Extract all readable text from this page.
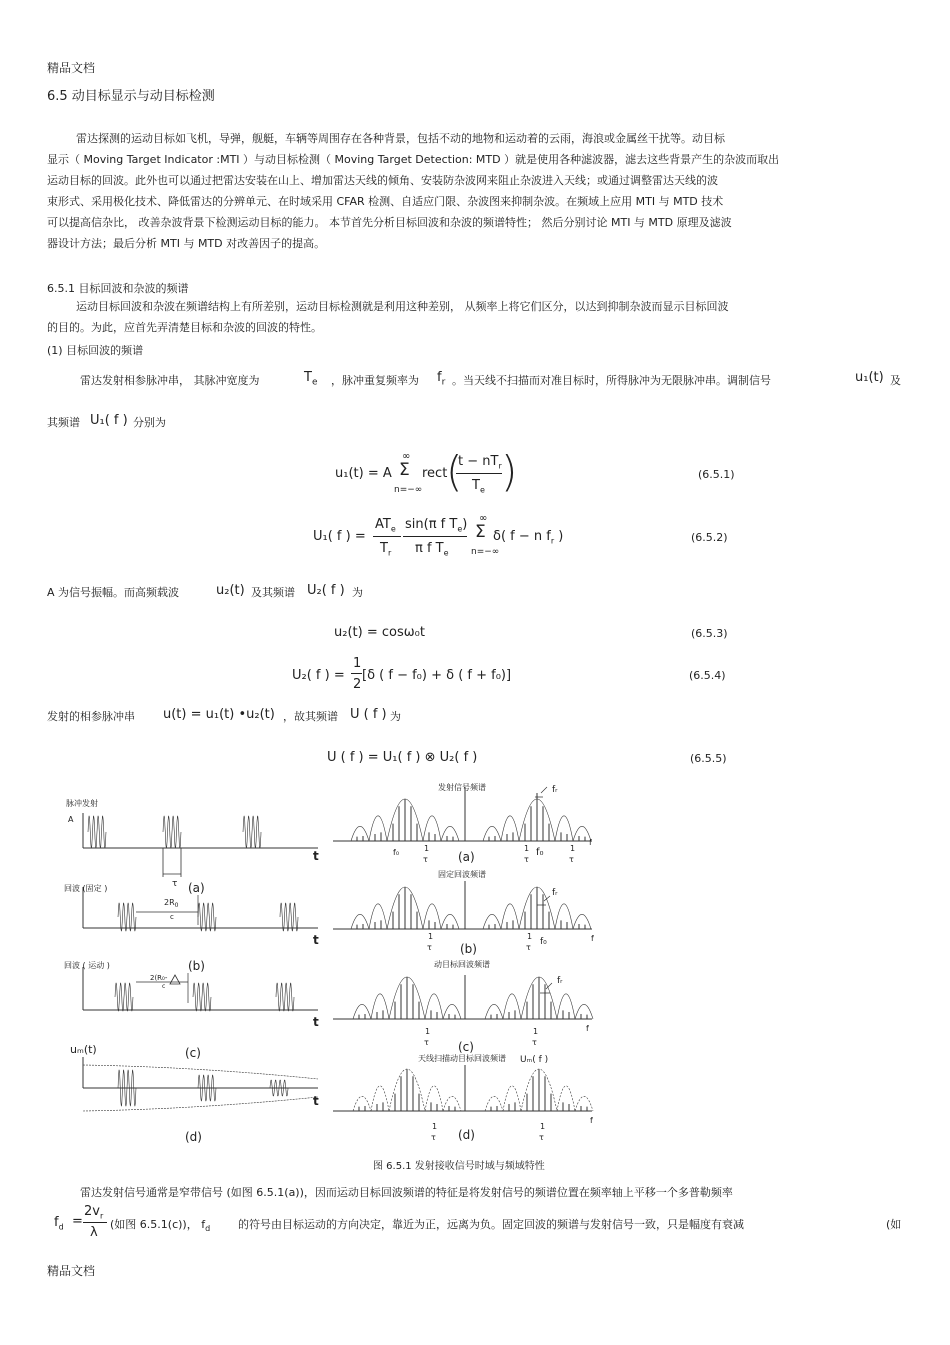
精品文档
6.5 动目标显示与动目标检测
雷达探测的运动目标如飞机，导弹，舰艇，车辆等周围存在各种背景，包括不动的地物和运动着的云雨，海浪或金属丝干扰等。动目标
显示（ Moving Target Indicator :MTI ）与动目标检测（ Moving Target Detection: MTD ）就是使用各种滤波器，滤去这些背景产生的杂波而取出
运动目标的回波。此外也可以通过把雷达安装在山上、增加雷达天线的倾角、安装防杂波网来阻止杂波进入天线；或通过调整雷达天线的波
束形式、采用极化技术、降低雷达的分辨单元、在时域采用 CFAR 检测、自适应门限、杂波图来抑制杂波。在频域上应用 MTI 与 MTD 技术
可以提高信杂比， 改善杂波背景下检测运动目标的能力。 本节首先分析目标回波和杂波的频谱特性； 然后分别讨论 MTI 与 MTD 原理及滤波
器设计方法；最后分析 MTI 与 MTD 对改善因子的提高。
6.5.1 目标回波和杂波的频谱
运动目标回波和杂波在频谱结构上有所差别，运动目标检测就是利用这种差别， 从频率上将它们区分，以达到抑制杂波而显示目标回波
的目的。为此，应首先弄清楚目标和杂波的回波的特性。
(1) 目标回波的频谱
雷达发射相参脉冲串， 其脉冲宽度为	$T_e$ ，脉冲重复频率为 $f_r$ 。当天线不扫描而对准目标时，所得脉冲为无限脉冲串。调制信号	u₁(t) 及
其频谱 U₁( f ) 分别为
u₁(t) = A
∞
Σ
n=−∞
rect
(
$t - nT_r$
$T_e$ )	(6.5.1)
U₁( f ) =
$AT_e$
$T_r$
sin(π f $T_e$)
π f $T_e$
∞
Σ
n=−∞
δ( f − n $f_r$ )	(6.5.2)
A 为信号振幅。而高频载波	u₂(t) 及其频谱 U₂( f ) 为
u₂(t) = cosω₀t	(6.5.3)
U₂( f ) =
1
2
[δ ( f − f₀) + δ ( f + f₀)]	(6.5.4)
发射的相参脉冲串 u(t) = u₁(t) •u₂(t) ，故其频谱 U ( f ) 为
U ( f ) = U₁( f ) ⊗ U₂( f )	(6.5.5)
脉冲发射
A
τ
t
(a)
回波 (固定 )
$2R_0$
c
t
(b)
回波 ( 运动 )
2(R₀-
c
t
(c)
uₘ(t)
t
(d)
发射信号频谱	fᵣ
f
f₀	1
τ	(a)	f₀
1
τ
1
τ
固定回波频谱
fᵣ
f
f₀
1
τ
1
τ (b)
动目标回波频谱
fᵣ
f
1
τ
1
τ
(c)
天线扫描动目标回波频谱 Uₘ( f )
f
1
τ
1
τ
(d)
图 6.5.1 发射接收信号时域与频域特性
雷达发射信号通常是窄带信号 (如图 6.5.1(a))，因而运动目标回波频谱的特征是将发射信号的频谱位置在频率轴上平移一个多普勒频率
$f_d$ =
$2v_r$
λ
(如图 6.5.1(c))， $f_d$	的符号由目标运动的方向决定，靠近为正，远离为负。固定回波的频谱与发射信号一致，只是幅度有衰减	(如
精品文档
